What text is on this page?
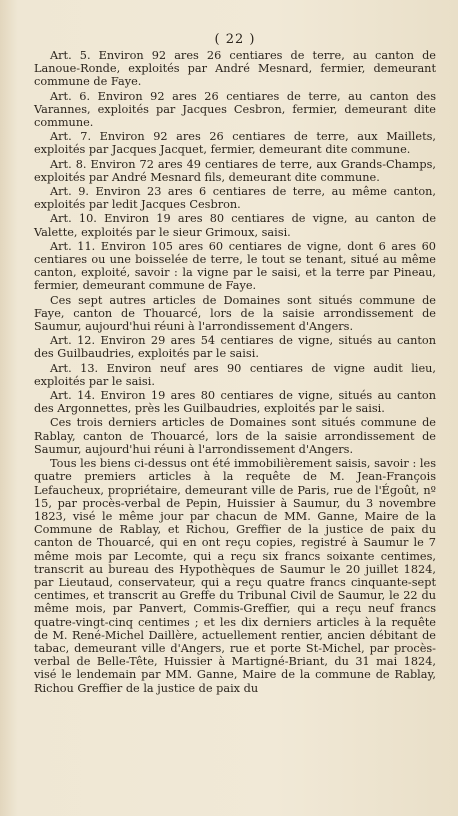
( 22 )

Art. 5. Environ 92 ares 26 centiares de terre, au canton de Lanoue-Ronde, exploités par André Mesnard, fermier, demeurant commune de Faye.

Art. 6. Environ 92 ares 26 centiares de terre, au canton des Varannes, exploités par Jacques Cesbron, fermier, demeurant dite commune.

Art. 7. Environ 92 ares 26 centiares de terre, aux Maillets, exploités par Jacques Jacquet, fermier, demeurant dite commune.

Art. 8. Environ 72 ares 49 centiares de terre, aux Grands-Champs, exploités par André Mesnard fils, demeurant dite commune.

Art. 9. Environ 23 ares 6 centiares de terre, au même canton, exploités par ledit Jacques Cesbron.

Art. 10. Environ 19 ares 80 centiares de vigne, au canton de Valette, exploités par le sieur Grimoux, saisi.

Art. 11. Environ 105 ares 60 centiares de vigne, dont 6 ares 60 centiares ou une boisselée de terre, le tout se tenant, situé au même canton, exploité, savoir : la vigne par le saisi, et la terre par Pineau, fermier, demeurant commune de Faye.

Ces sept autres articles de Domaines sont situés commune de Faye, canton de Thouarcé, lors de la saisie arrondissement de Saumur, aujourd'hui réuni à l'arrondissement d'Angers.

Art. 12. Environ 29 ares 54 centiares de vigne, situés au canton des Guilbaudries, exploités par le saisi.

Art. 13. Environ neuf ares 90 centiares de vigne audit lieu, exploités par le saisi.

Art. 14. Environ 19 ares 80 centiares de vigne, situés au canton des Argonnettes, près les Guilbaudries, exploités par le saisi.

Ces trois derniers articles de Domaines sont situés commune de Rablay, canton de Thouarcé, lors de la saisie arrondissement de Saumur, aujourd'hui réuni à l'arrondissement d'Angers.

Tous les biens ci-dessus ont été immobilièrement saisis, savoir : les quatre premiers articles à la requête de M. Jean-François Lefaucheux, propriétaire, demeurant ville de Paris, rue de l'Égoût, nº 15, par procès-verbal de Pepin, Huissier à Saumur, du 3 novembre 1823, visé le même jour par chacun de MM. Ganne, Maire de la Commune de Rablay, et Richou, Greffier de la justice de paix du canton de Thouarcé, qui en ont reçu copies, registré à Saumur le 7 même mois par Lecomte, qui a reçu six francs soixante centimes, transcrit au bureau des Hypothèques de Saumur le 20 juillet 1824, par Lieutaud, conservateur, qui a reçu quatre francs cinquante-sept centimes, et transcrit au Greffe du Tribunal Civil de Saumur, le 22 du même mois, par Panvert, Commis-Greffier, qui a reçu neuf francs quatre-vingt-cinq centimes ; et les dix derniers articles à la requête de M. René-Michel Daillère, actuellement rentier, ancien débitant de tabac, demeurant ville d'Angers, rue et porte St-Michel, par procès-verbal de Belle-Tête, Huissier à Martigné-Briant, du 31 mai 1824, visé le lendemain par MM. Ganne, Maire de la commune de Rablay, Richou Greffier de la justice de paix du
